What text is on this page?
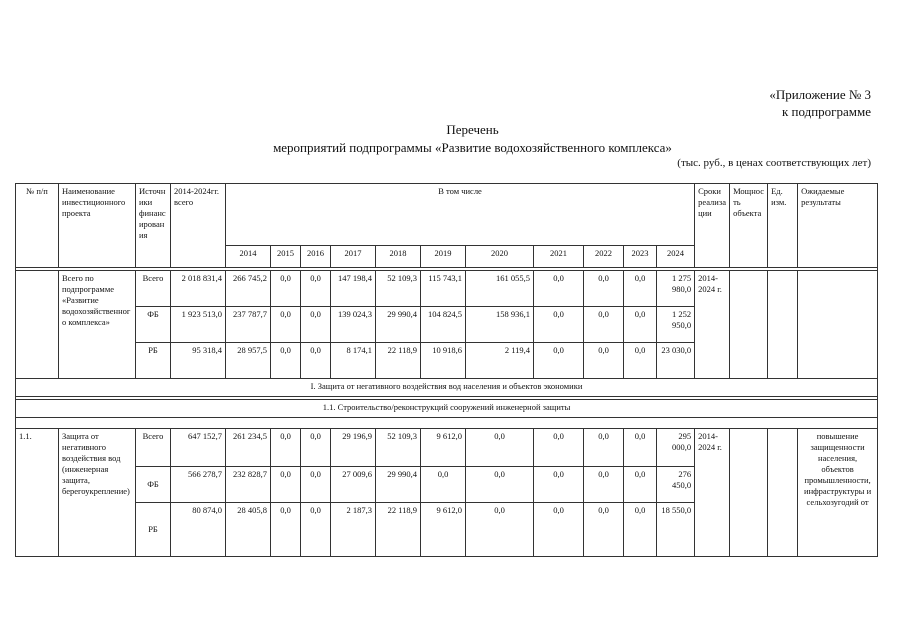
«Приложение № 3
к подпрограмме
Перечень
мероприятий подпрограммы «Развитие водохозяйственного комплекса»
(тыс. руб., в ценах соответствующих лет)
№ п/п	Наименование инвестиционного проекта	Источники финансирования	2014-2024гг. всего	В том числе											Сроки реализации	Мощность объекта	Ед. изм.	Ожидаемые результаты
				2014	2015	2016	2017	2018	2019	2020	2021	2022	2023	2024				

	Всего по подпрограмме «Развитие водохозяйственного комплекса»	Всего	2 018 831,4	266 745,2	0,0	0,0	147 198,4	52 109,3	115 743,1	161 055,5	0,0	0,0	0,0	1 275 980,0	2014-2024 г.			
		ФБ	1 923 513,0	237 787,7	0,0	0,0	139 024,3	29 990,4	104 824,5	158 936,1	0,0	0,0	0,0	1 252 950,0				
		РБ	95 318,4	28 957,5	0,0	0,0	8 174,1	22 118,9	10 918,6	2 119,4	0,0	0,0	0,0	23 030,0				
I. Защита от негативного воздействия вод населения и объектов экономики																		

1.1. Строительство/реконструкций сооружений инженерной защиты																		

1.1.	Защита от негативного воздействия вод (инженерная защита, берегоукрепление)	Всего	647 152,7	261 234,5	0,0	0,0	29 196,9	52 109,3	9 612,0	0,0	0,0	0,0	0,0	295 000,0	2014-2024 г.			повышение защищенности населения, объектов промышленности, инфраструктуры и сельхозугодий от
		ФБ	566 278,7	232 828,7	0,0	0,0	27 009,6	29 990,4	0,0	0,0	0,0	0,0	0,0	276 450,0				
		РБ	80 874,0	28 405,8	0,0	0,0	2 187,3	22 118,9	9 612,0	0,0	0,0	0,0	0,0	18 550,0				
